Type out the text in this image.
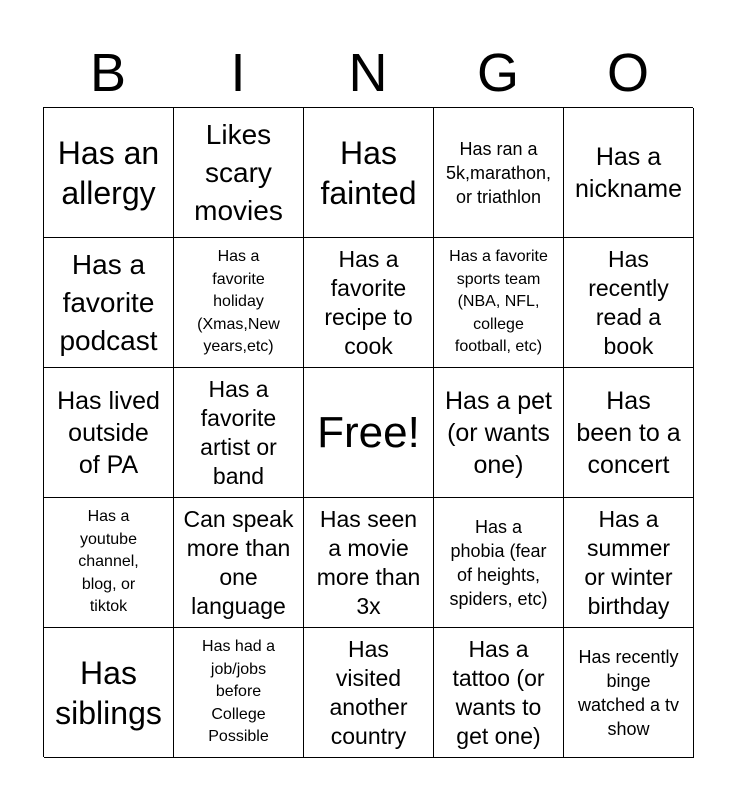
B	I	N	G	O
Has an
allergy
Likes
scary
movies
Has
fainted
Has ran a
5k,marathon,
or triathlon
Has a
nickname
Has a
favorite
podcast
Has a
favorite
holiday
(Xmas,New
years,etc)
Has a
favorite
recipe to
cook
Has a favorite
sports team
(NBA, NFL,
college
football, etc)
Has
recently
read a
book
Has lived
outside
of PA
Has a
favorite
artist or
band
Free!
Has a pet
(or wants
one)
Has
been to a
concert
Has a
youtube
channel,
blog, or
tiktok
Can speak
more than
one
language
Has seen
a movie
more than
3x
Has a
phobia (fear
of heights,
spiders, etc)
Has a
summer
or winter
birthday
Has
siblings
Has had a
job/jobs
before
College
Possible
Has
visited
another
country
Has a
tattoo (or
wants to
get one)
Has recently
binge
watched a tv
show
